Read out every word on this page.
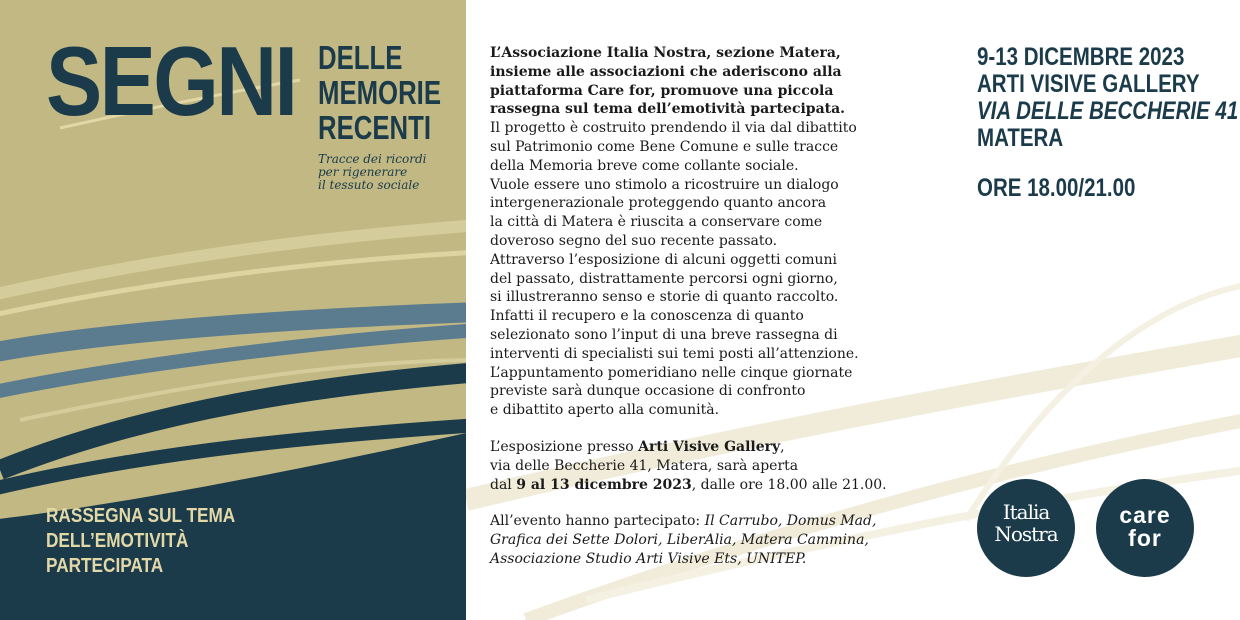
SEGNI DELLE
MEMORIE
RECENTI
Tracce dei ricordi
per rigenerare
il tessuto sociale
RASSEGNA SUL TEMA
DELL’EMOTIVITÀ
PARTECIPATA

L’Associazione Italia Nostra, sezione Matera,

insieme alle associazioni che aderiscono alla

piattaforma Care for, promuove una piccola

rassegna sul tema dell’emotività partecipata.

Il progetto è costruito prendendo il via dal dibattito

sul Patrimonio come Bene Comune e sulle tracce

della Memoria breve come collante sociale.

Vuole essere uno stimolo a ricostruire un dialogo

intergenerazionale proteggendo quanto ancora

la città di Matera è riuscita a conservare come

doveroso segno del suo recente passato.

Attraverso l’esposizione di alcuni oggetti comuni

del passato, distrattamente percorsi ogni giorno,

si illustreranno senso e storie di quanto raccolto.

Infatti il recupero e la conoscenza di quanto

selezionato sono l’input di una breve rassegna di

interventi di specialisti sui temi posti all’attenzione.

L’appuntamento pomeridiano nelle cinque giornate

previste sarà dunque occasione di confronto

e dibattito aperto alla comunità.

L’esposizione presso Arti Visive Gallery,

via delle Beccherie 41, Matera, sarà aperta

dal 9 al 13 dicembre 2023, dalle ore 18.00 alle 21.00.

All’evento hanno partecipato: Il Carrubo, Domus Mad,

Grafica dei Sette Dolori, LiberAlia, Matera Cammina,

Associazione Studio Arti Visive Ets, UNITEP.

9-13 DICEMBRE 2023
ARTI VISIVE GALLERY
VIA DELLE BECCHERIE 41
MATERA
ORE 18.00/21.00
Italia
Nostra
care
for
